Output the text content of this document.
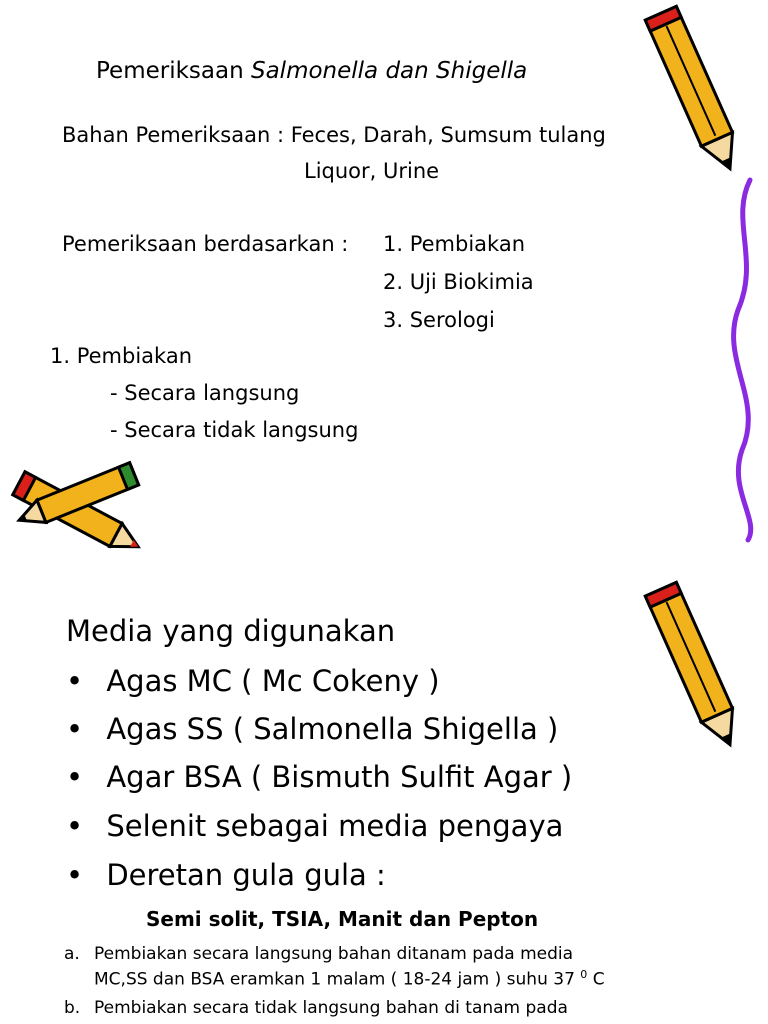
Pemeriksaan Salmonella dan Shigella
Bahan Pemeriksaan : Feces, Darah, Sumsum tulang
Liquor, Urine
Pemeriksaan berdasarkan : 1. Pembiakan
2. Uji Biokimia
3. Serologi
1. Pembiakan
- Secara langsung
- Secara tidak langsung
Media yang digunakan
• Agas MC ( Mc Cokeny )
• Agas SS ( Salmonella Shigella )
• Agar BSA ( Bismuth Sulfit Agar )
• Selenit sebagai media pengaya
• Deretan gula gula :
Semi solit, TSIA, Manit dan Pepton
a. Pembiakan secara langsung bahan ditanam pada media
MC,SS dan BSA eramkan 1 malam ( 18-24 jam ) suhu 37 $^0$ C
b. Pembiakan secara tidak langsung bahan di tanam pada
